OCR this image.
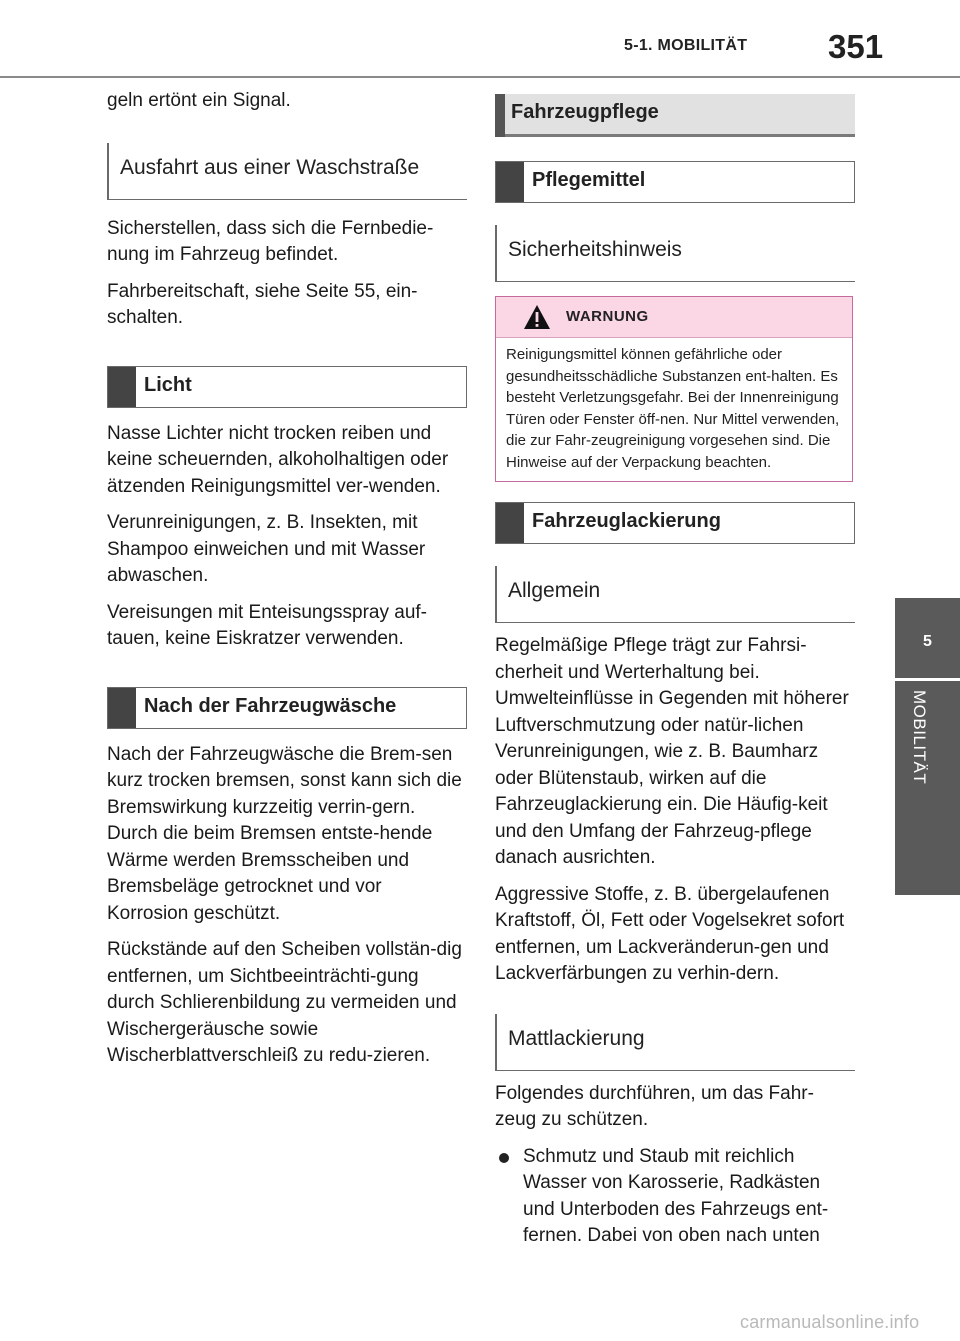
5-1. MOBILITÄT 351
5
MOBILITÄT

geln ertönt ein Signal.

Ausfahrt aus einer Waschstraße

Sicherstellen, dass sich die Fernbedie-nung im Fahrzeug befindet.

Fahrbereitschaft, siehe Seite 55, ein-schalten.

Licht

Nasse Lichter nicht trocken reiben und keine scheuernden, alkoholhaltigen oder ätzenden Reinigungsmittel ver-wenden.

Verunreinigungen, z. B. Insekten, mit Shampoo einweichen und mit Wasser abwaschen.

Vereisungen mit Enteisungsspray auf-tauen, keine Eiskratzer verwenden.

Nach der Fahrzeugwäsche

Nach der Fahrzeugwäsche die Brem-sen kurz trocken bremsen, sonst kann sich die Bremswirkung kurzzeitig verrin-gern. Durch die beim Bremsen entste-hende Wärme werden Bremsscheiben und Bremsbeläge getrocknet und vor Korrosion geschützt.

Rückstände auf den Scheiben vollstän-dig entfernen, um Sichtbeeinträchti-gung durch Schlierenbildung zu vermeiden und Wischergeräusche sowie Wischerblattverschleiß zu redu-zieren.

Fahrzeugpflege
Pflegemittel
Sicherheitshinweis
WARNUNG

Reinigungsmittel können gefährliche oder gesundheitsschädliche Substanzen ent-halten. Es besteht Verletzungsgefahr. Bei der Innenreinigung Türen oder Fenster öff-nen. Nur Mittel verwenden, die zur Fahr-zeugreinigung vorgesehen sind. Die Hinweise auf der Verpackung beachten.

Fahrzeuglackierung
Allgemein

Regelmäßige Pflege trägt zur Fahrsi-cherheit und Werterhaltung bei. Umwelteinflüsse in Gegenden mit höherer Luftverschmutzung oder natür-lichen Verunreinigungen, wie z. B. Baumharz oder Blütenstaub, wirken auf die Fahrzeuglackierung ein. Die Häufig-keit und den Umfang der Fahrzeug-pflege danach ausrichten.

Aggressive Stoffe, z. B. übergelaufenen Kraftstoff, Öl, Fett oder Vogelsekret sofort entfernen, um Lackveränderun-gen und Lackverfärbungen zu verhin-dern.

Mattlackierung

Folgendes durchführen, um das Fahr-zeug zu schützen.

Schmutz und Staub mit reichlich Wasser von Karosserie, Radkästen und Unterboden des Fahrzeugs ent-fernen. Dabei von oben nach unten
carmanualsonline.info
